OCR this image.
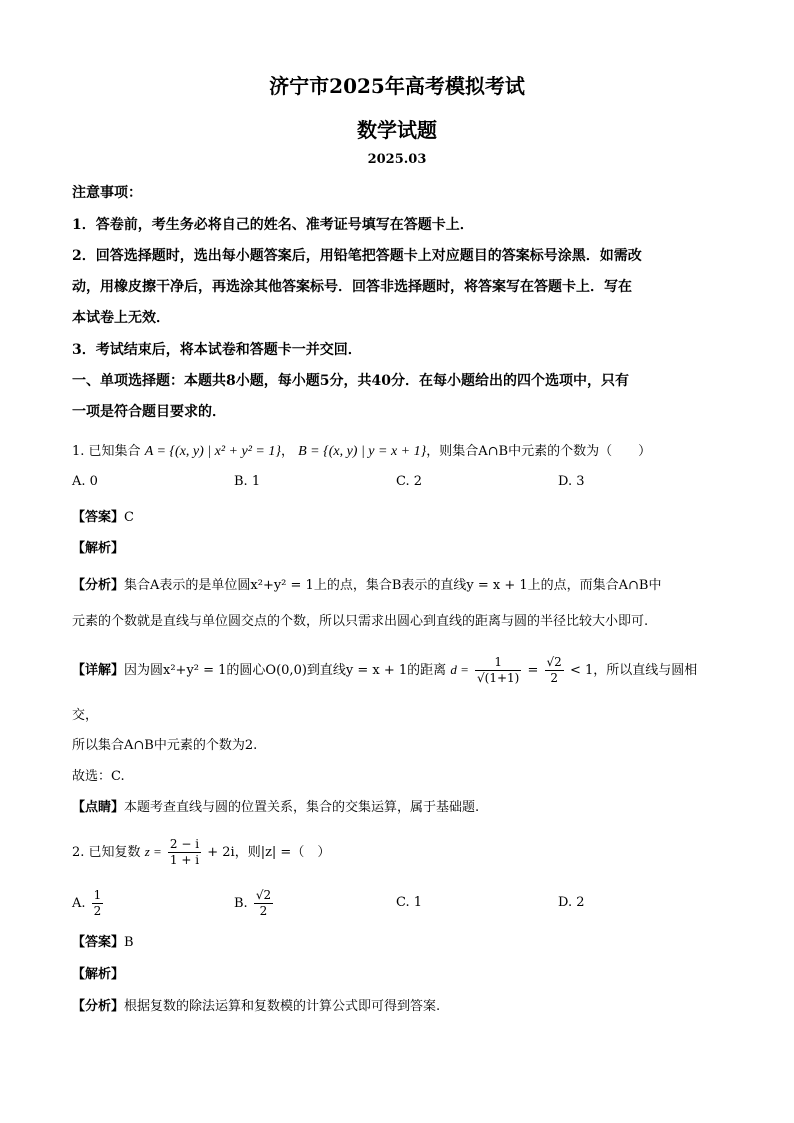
济宁市2025年高考模拟考试
数学试题
2025.03
注意事项：
1．答卷前，考生务必将自己的姓名、准考证号填写在答题卡上．
2．回答选择题时，选出每小题答案后，用铅笔把答题卡上对应题目的答案标号涂黑．如需改
动，用橡皮擦干净后，再选涂其他答案标号．回答非选择题时，将答案写在答题卡上．写在
本试卷上无效．
3．考试结束后，将本试卷和答题卡一并交回．
一、单项选择题：本题共8小题，每小题5分，共40分．在每小题给出的四个选项中，只有
一项是符合题目要求的．
1. 已知集合 A = {(x, y) | x² + y² = 1}， B = {(x, y) | y = x + 1}，则集合A∩B中元素的个数为（　　）
A. 0	B. 1	C. 2	D. 3
【答案】C
【解析】
【分析】集合A表示的是单位圆x²+y² = 1上的点，集合B表示的直线y = x + 1上的点，而集合A∩B中
元素的个数就是直线与单位圆交点的个数，所以只需求出圆心到直线的距离与圆的半径比较大小即可.
【详解】因为圆x²+y² = 1的圆心O(0,0)到直线y = x + 1的距离 $d = \frac{1}{√(1+1)} = \frac{√2}{2} < 1$，所以直线与圆相
交，
所以集合A∩B中元素的个数为2.
故选：C.
【点睛】本题考查直线与圆的位置关系，集合的交集运算，属于基础题.
2. 已知复数 $z = \frac{2 - i}{1 + i} + 2i$，则|z| =（　）
A. $\frac{1}{2}$	B. $\frac{√2}{2}$	C. 1	D. 2
【答案】B
【解析】
【分析】根据复数的除法运算和复数模的计算公式即可得到答案.
